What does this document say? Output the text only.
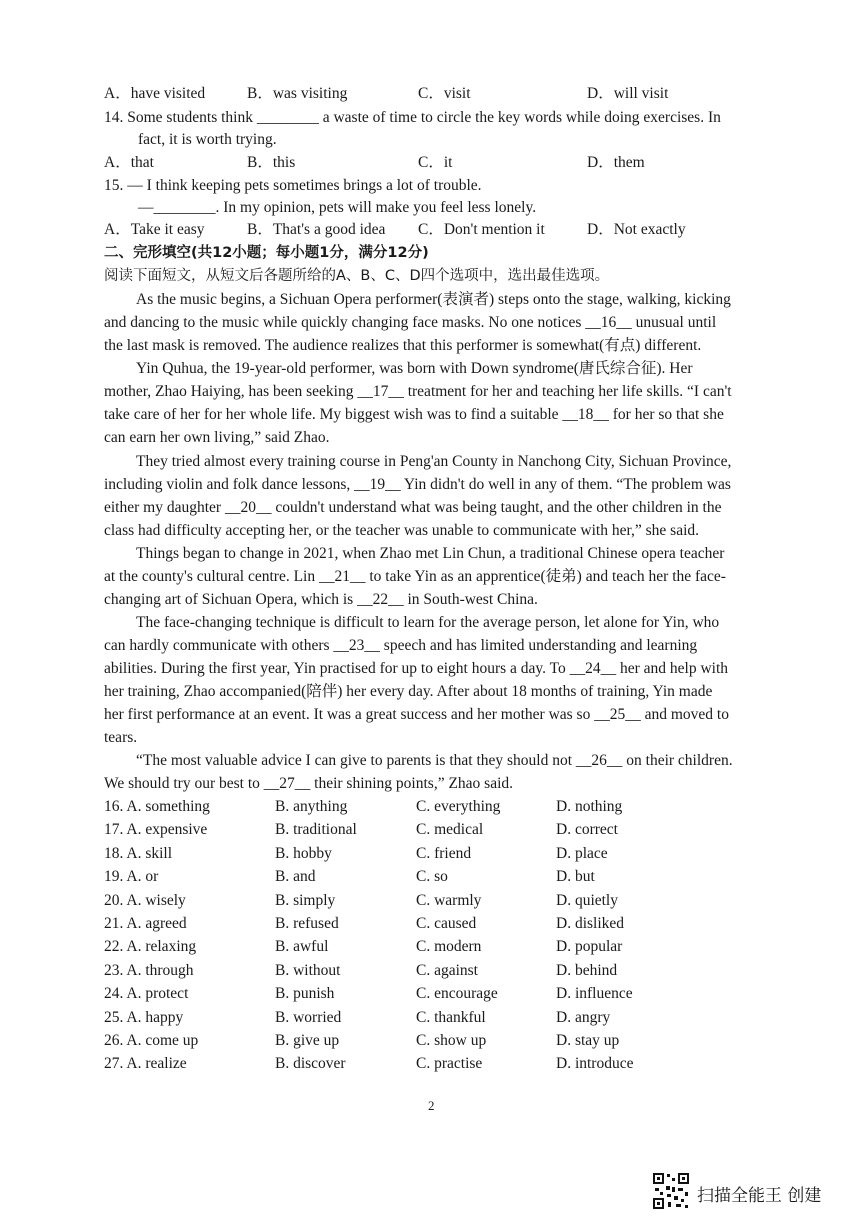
A．have visited	B．was visiting	C．visit	D．will visit
14. Some students think ________ a waste of time to circle the key words while doing exercises. In
fact, it is worth trying.
A．that	B．this	C．it	D．them
15. — I think keeping pets sometimes brings a lot of trouble.
—________. In my opinion, pets will make you feel less lonely.
A．Take it easy	B．That's a good idea C．Don't mention it	D．Not exactly
二、完形填空(共12小题；每小题1分，满分12分)
阅读下面短文，从短文后各题所给的A、B、C、D四个选项中，选出最佳选项。
As the music begins, a Sichuan Opera performer(表演者) steps onto the stage, walking, kicking
and dancing to the music while quickly changing face masks. No one notices __16__ unusual until
the last mask is removed. The audience realizes that this performer is somewhat(有点) different.
Yin Quhua, the 19-year-old performer, was born with Down syndrome(唐氏综合征). Her
mother, Zhao Haiying, has been seeking __17__ treatment for her and teaching her life skills. “I can't
take care of her for her whole life. My biggest wish was to find a suitable __18__ for her so that she
can earn her own living,” said Zhao.
They tried almost every training course in Peng'an County in Nanchong City, Sichuan Province,
including violin and folk dance lessons, __19__ Yin didn't do well in any of them. “The problem was
either my daughter __20__ couldn't understand what was being taught, and the other children in the
class had difficulty accepting her, or the teacher was unable to communicate with her,” she said.
Things began to change in 2021, when Zhao met Lin Chun, a traditional Chinese opera teacher
at the county's cultural centre. Lin __21__ to take Yin as an apprentice(徒弟) and teach her the face-
changing art of Sichuan Opera, which is __22__ in South-west China.
The face-changing technique is difficult to learn for the average person, let alone for Yin, who
can hardly communicate with others __23__ speech and has limited understanding and learning
abilities. During the first year, Yin practised for up to eight hours a day. To __24__ her and help with
her training, Zhao accompanied(陪伴) her every day. After about 18 months of training, Yin made
her first performance at an event. It was a great success and her mother was so __25__ and moved to
tears.
“The most valuable advice I can give to parents is that they should not __26__ on their children.
We should try our best to __27__ their shining points,” Zhao said.
16. A. something	B. anything	C. everything	D. nothing
17. A. expensive	B. traditional	C. medical	D. correct
18. A. skill	B. hobby	C. friend	D. place
19. A. or	B. and	C. so	D. but
20. A. wisely	B. simply	C. warmly	D. quietly
21. A. agreed	B. refused	C. caused	D. disliked
22. A. relaxing	B. awful	C. modern	D. popular
23. A. through	B. without	C. against	D. behind
24. A. protect	B. punish	C. encourage	D. influence
25. A. happy	B. worried	C. thankful	D. angry
26. A. come up	B. give up	C. show up	D. stay up
27. A. realize	B. discover	C. practise	D. introduce
2
扫描全能王 创建
